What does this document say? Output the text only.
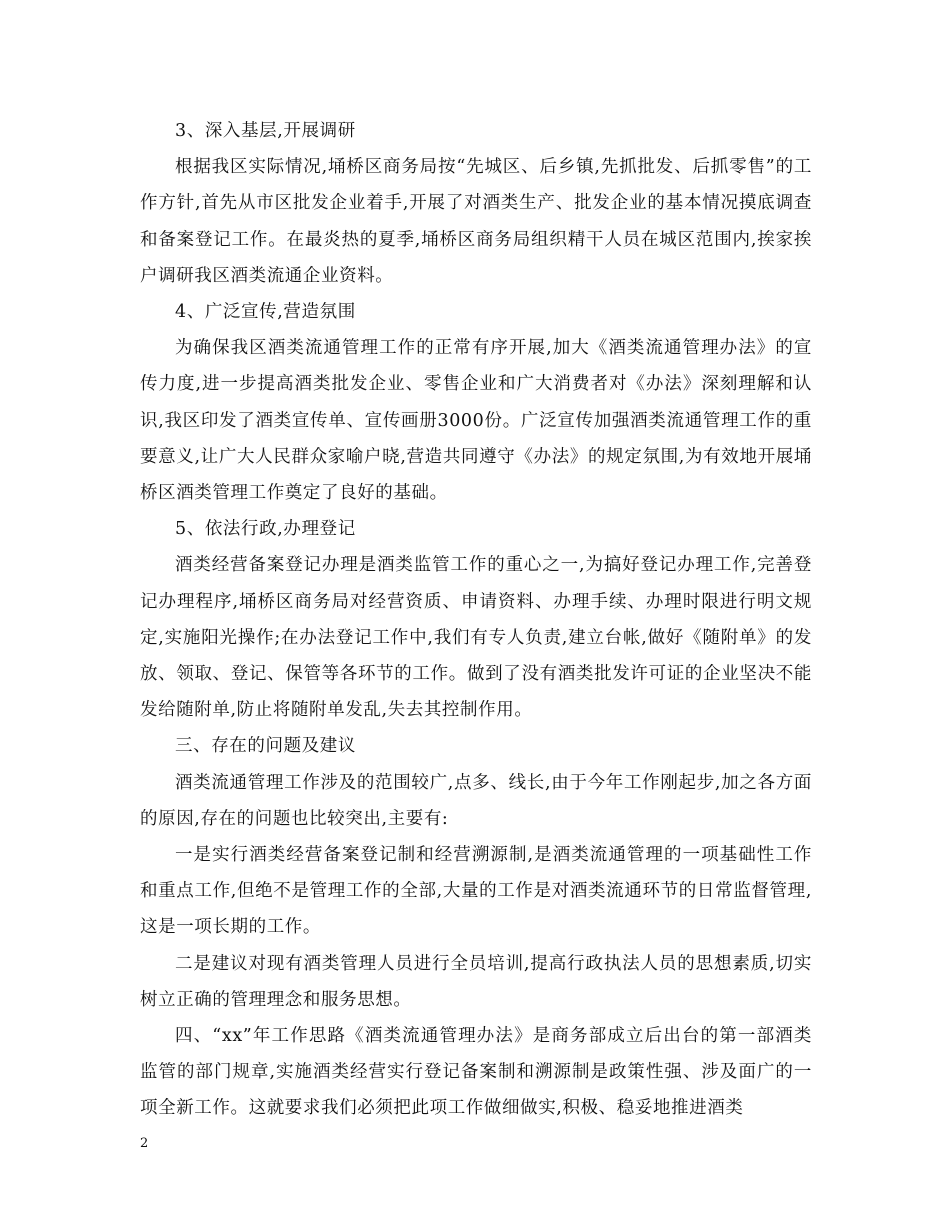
3、深入基层,开展调研

根据我区实际情况,埇桥区商务局按“先城区、后乡镇,先抓批发、后抓零售”的工作方针,首先从市区批发企业着手,开展了对酒类生产、批发企业的基本情况摸底调查和备案登记工作。在最炎热的夏季,埇桥区商务局组织精干人员在城区范围内,挨家挨户调研我区酒类流通企业资料。

4、广泛宣传,营造氛围

为确保我区酒类流通管理工作的正常有序开展,加大《酒类流通管理办法》的宣传力度,进一步提高酒类批发企业、零售企业和广大消费者对《办法》深刻理解和认识,我区印发了酒类宣传单、宣传画册3000份。广泛宣传加强酒类流通管理工作的重要意义,让广大人民群众家喻户晓,营造共同遵守《办法》的规定氛围,为有效地开展埇桥区酒类管理工作奠定了良好的基础。

5、依法行政,办理登记

酒类经营备案登记办理是酒类监管工作的重心之一,为搞好登记办理工作,完善登记办理程序,埇桥区商务局对经营资质、申请资料、办理手续、办理时限进行明文规定,实施阳光操作;在办法登记工作中,我们有专人负责,建立台帐,做好《随附单》的发放、领取、登记、保管等各环节的工作。做到了没有酒类批发许可证的企业坚决不能发给随附单,防止将随附单发乱,失去其控制作用。

三、存在的问题及建议

酒类流通管理工作涉及的范围较广,点多、线长,由于今年工作刚起步,加之各方面的原因,存在的问题也比较突出,主要有:

一是实行酒类经营备案登记制和经营溯源制,是酒类流通管理的一项基础性工作和重点工作,但绝不是管理工作的全部,大量的工作是对酒类流通环节的日常监督管理,这是一项长期的工作。

二是建议对现有酒类管理人员进行全员培训,提高行政执法人员的思想素质,切实树立正确的管理理念和服务思想。

四、“xx”年工作思路《酒类流通管理办法》是商务部成立后出台的第一部酒类监管的部门规章,实施酒类经营实行登记备案制和溯源制是政策性强、涉及面广的一项全新工作。这就要求我们必须把此项工作做细做实,积极、稳妥地推进酒类

2
